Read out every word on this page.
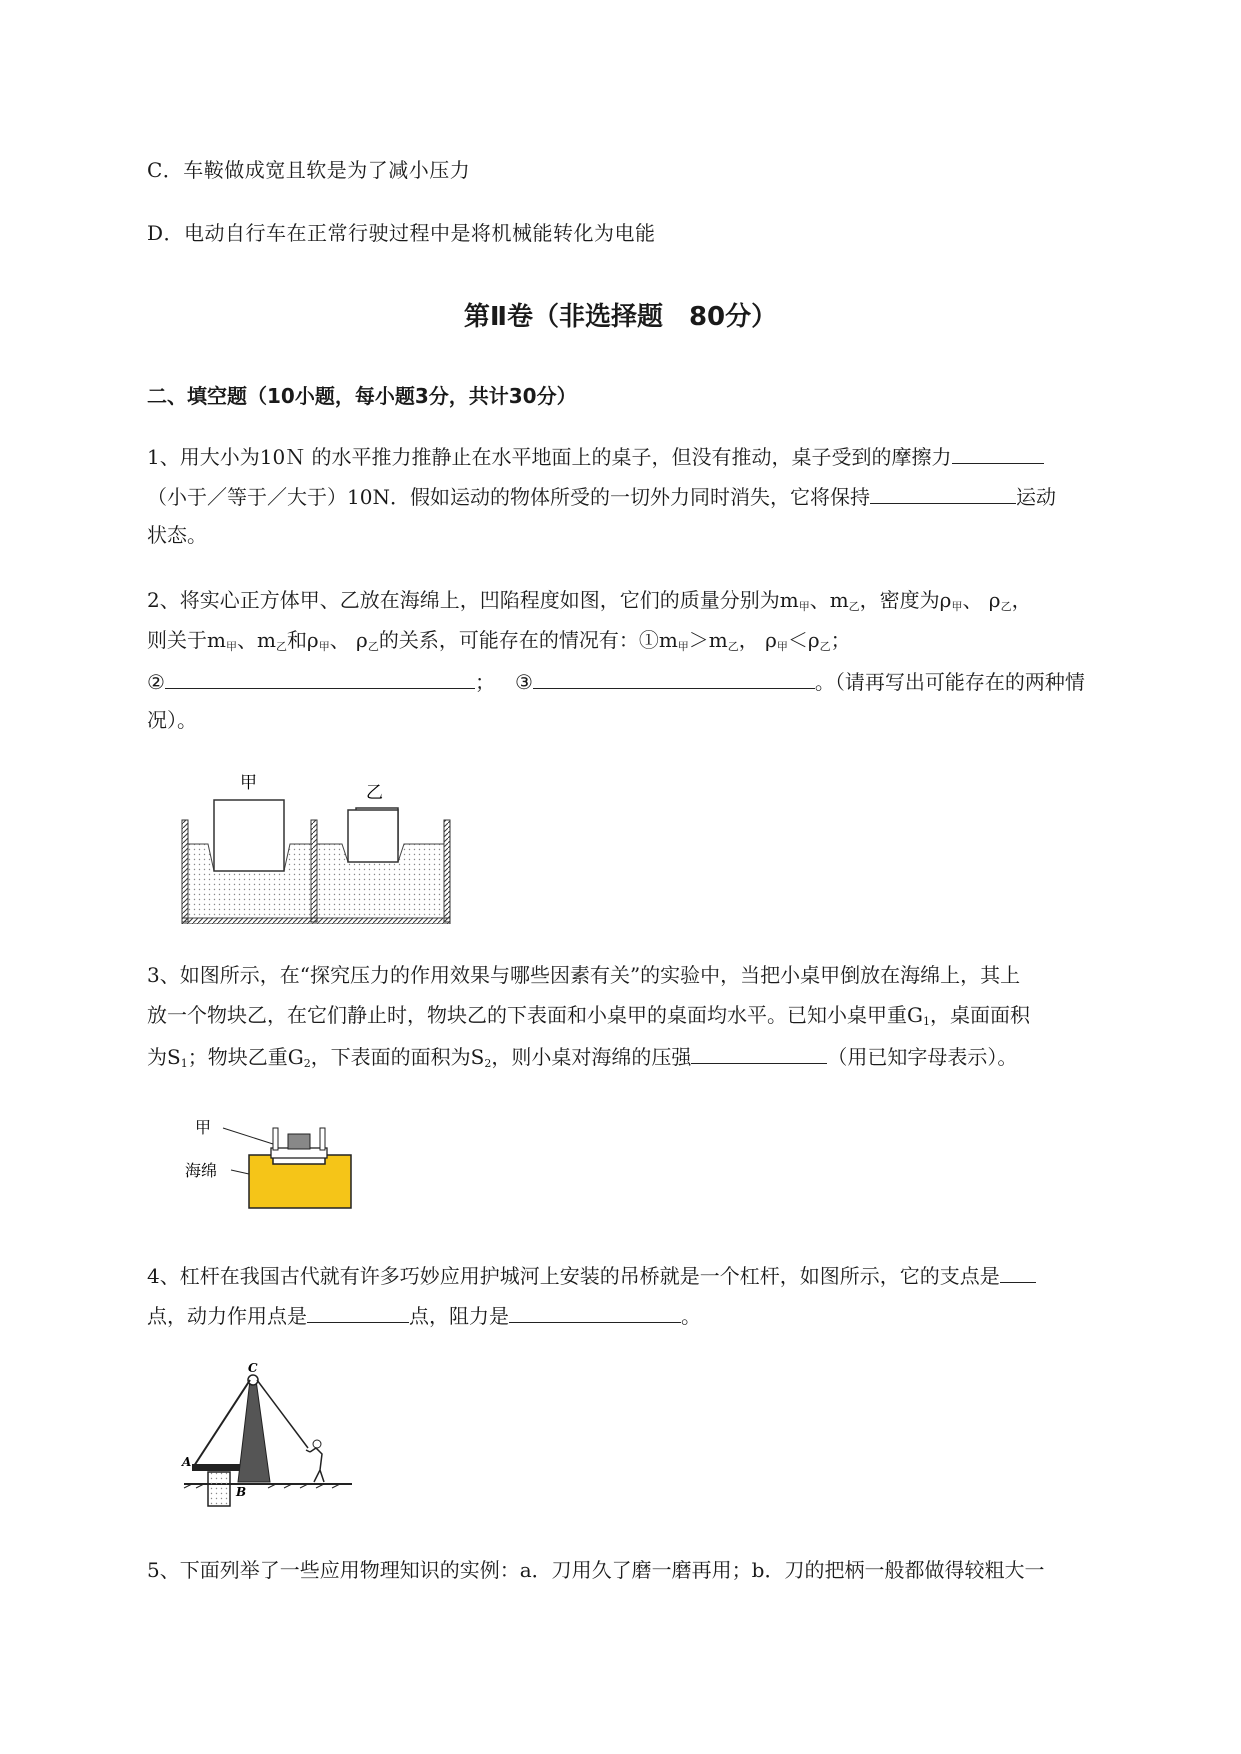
C．车鞍做成宽且软是为了减小压力
D．电动自行车在正常行驶过程中是将机械能转化为电能
第Ⅱ卷（非选择题　80分）
二、填空题（10小题，每小题3分，共计30分）
1、用大小为10Ｎ 的水平推力推静止在水平地面上的桌子，但没有推动，桌子受到的摩擦力
（小于／等于／大于）10N．假如运动的物体所受的一切外力同时消失，它将保持	运动
状态。
2、将实心正方体甲、乙放在海绵上，凹陷程度如图，它们的质量分别为$m_甲$、$m_乙$，密度为$\rho_甲$、 $\rho_乙$，
则关于$m_甲$、$m_乙$和$\rho_甲$、 $\rho_乙$的关系，可能存在的情况有：$①m_甲>m_乙$， $\rho_甲<\rho_乙$；
②	； ③	。（请再写出可能存在的两种情
况）。
甲	乙
3、如图所示，在“探究压力的作用效果与哪些因素有关”的实验中，当把小桌甲倒放在海绵上，其上
放一个物块乙，在它们静止时，物块乙的下表面和小桌甲的桌面均水平。已知小桌甲重$G_1$，桌面面积
为$S_1$；物块乙重$G_2$，下表面的面积为$S_2$，则小桌对海绵的压强	（用已知字母表示）。
甲
海绵
4、杠杆在我国古代就有许多巧妙应用护城河上安装的吊桥就是一个杠杆，如图所示，它的支点是
点，动力作用点是	点，阻力是	。
A
B
C
5、下面列举了一些应用物理知识的实例：a．刀用久了磨一磨再用；b．刀的把柄一般都做得较粗大一
